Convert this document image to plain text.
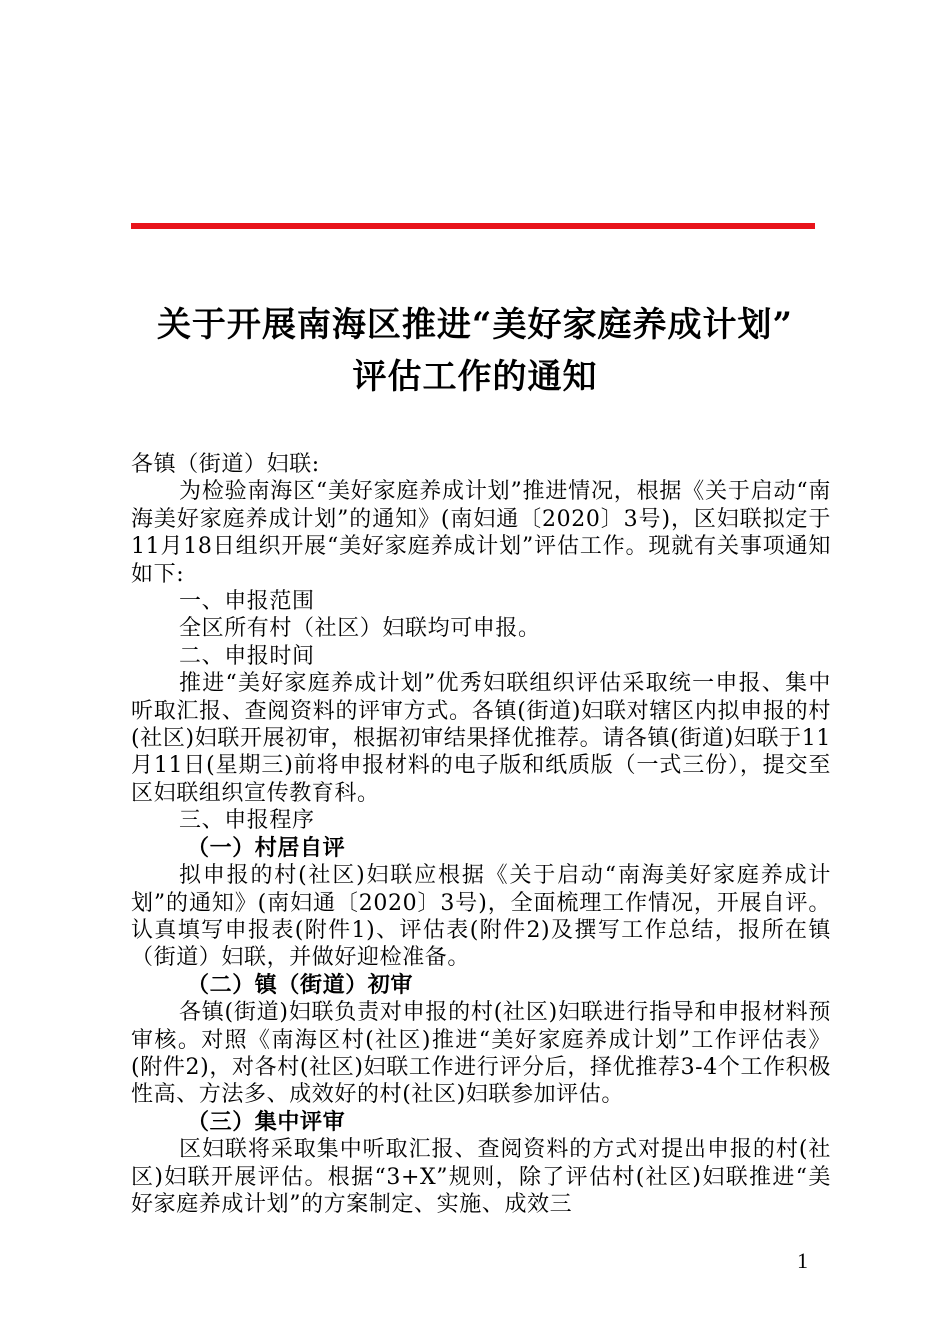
关于开展南海区推进“美好家庭养成计划”
评估工作的通知

各镇（街道）妇联:

为检验南海区“美好家庭养成计划”推进情况，根据《关于启动“南海美好家庭养成计划”的通知》(南妇通〔2020〕3号)，区妇联拟定于11月18日组织开展“美好家庭养成计划”评估工作。现就有关事项通知如下:

一、申报范围

全区所有村（社区）妇联均可申报。

二、申报时间

推进“美好家庭养成计划”优秀妇联组织评估采取统一申报、集中听取汇报、查阅资料的评审方式。各镇(街道)妇联对辖区内拟申报的村(社区)妇联开展初审，根据初审结果择优推荐。请各镇(街道)妇联于11月11日(星期三)前将申报材料的电子版和纸质版（一式三份），提交至区妇联组织宣传教育科。

三、申报程序

（一）村居自评

拟申报的村(社区)妇联应根据《关于启动“南海美好家庭养成计划”的通知》(南妇通〔2020〕3号)，全面梳理工作情况，开展自评。认真填写申报表(附件1)、评估表(附件2)及撰写工作总结，报所在镇（街道）妇联，并做好迎检准备。

（二）镇（街道）初审

各镇(街道)妇联负责对申报的村(社区)妇联进行指导和申报材料预审核。对照《南海区村(社区)推进“美好家庭养成计划”工作评估表》(附件2)，对各村(社区)妇联工作进行评分后，择优推荐3-4个工作积极性高、方法多、成效好的村(社区)妇联参加评估。

（三）集中评审

区妇联将采取集中听取汇报、查阅资料的方式对提出申报的村(社区)妇联开展评估。根据“3+X”规则，除了评估村(社区)妇联推进“美好家庭养成计划”的方案制定、实施、成效三

1
